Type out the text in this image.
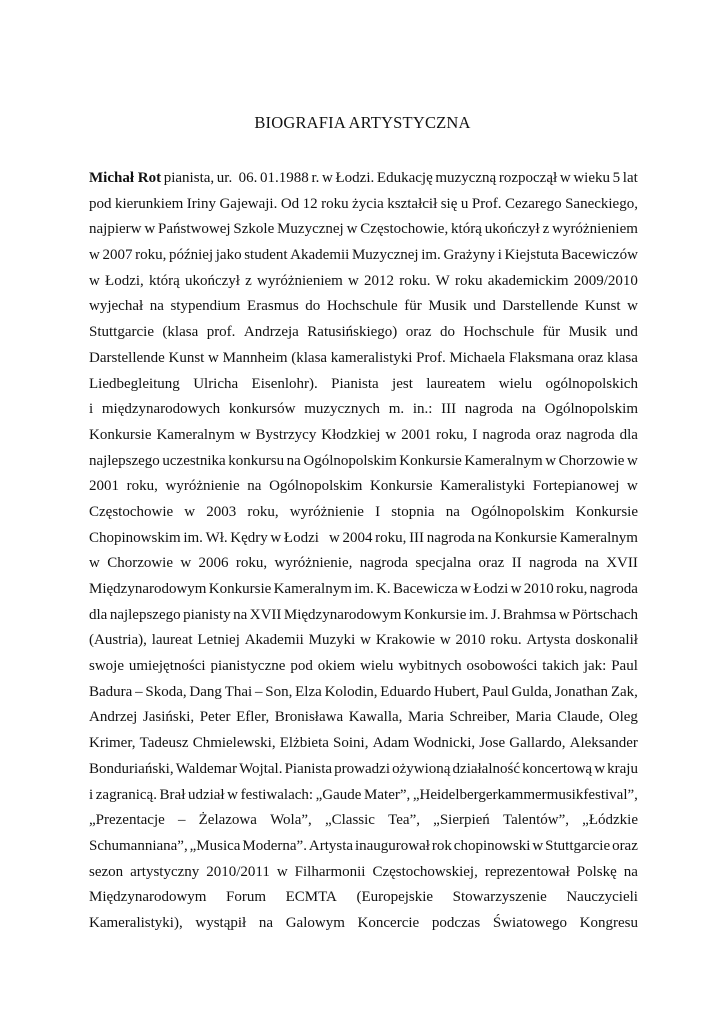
BIOGRAFIA ARTYSTYCZNA
Michał Rot pianista, ur. 06. 01.1988 r. w Łodzi. Edukację muzyczną rozpoczął w wieku 5 lat
pod kierunkiem Iriny Gajewaji. Od 12 roku życia kształcił się u Prof. Cezarego Saneckiego,
najpierw w Państwowej Szkole Muzycznej w Częstochowie, którą ukończył z wyróżnieniem
w 2007 roku, później jako student Akademii Muzycznej im. Grażyny i Kiejstuta Bacewiczów
w Łodzi, którą ukończył z wyróżnieniem w 2012 roku. W roku akademickim 2009/2010
wyjechał na stypendium Erasmus do Hochschule für Musik und Darstellende Kunst w
Stuttgarcie (klasa prof. Andrzeja Ratusińskiego) oraz do Hochschule für Musik und
Darstellende Kunst w Mannheim (klasa kameralistyki Prof. Michaela Flaksmana oraz klasa
Liedbegleitung Ulricha Eisenlohr). Pianista jest laureatem wielu ogólnopolskich
i międzynarodowych konkursów muzycznych m. in.: III nagroda na Ogólnopolskim
Konkursie Kameralnym w Bystrzycy Kłodzkiej w 2001 roku, I nagroda oraz nagroda dla
najlepszego uczestnika konkursu na Ogólnopolskim Konkursie Kameralnym w Chorzowie w
2001 roku, wyróżnienie na Ogólnopolskim Konkursie Kameralistyki Fortepianowej w
Częstochowie w 2003 roku, wyróżnienie I stopnia na Ogólnopolskim Konkursie
Chopinowskim im. Wł. Kędry w Łodzi w 2004 roku, III nagroda na Konkursie Kameralnym
w Chorzowie w 2006 roku, wyróżnienie, nagroda specjalna oraz II nagroda na XVII
Międzynarodowym Konkursie Kameralnym im. K. Bacewicza w Łodzi w 2010 roku, nagroda
dla najlepszego pianisty na XVII Międzynarodowym Konkursie im. J. Brahmsa w Pörtschach
(Austria), laureat Letniej Akademii Muzyki w Krakowie w 2010 roku. Artysta doskonalił
swoje umiejętności pianistyczne pod okiem wielu wybitnych osobowości takich jak: Paul
Badura – Skoda, Dang Thai – Son, Elza Kolodin, Eduardo Hubert, Paul Gulda, Jonathan Zak,
Andrzej Jasiński, Peter Efler, Bronisława Kawalla, Maria Schreiber, Maria Claude, Oleg
Krimer, Tadeusz Chmielewski, Elżbieta Soini, Adam Wodnicki, Jose Gallardo, Aleksander
Bonduriański, Waldemar Wojtal. Pianista prowadzi ożywioną działalność koncertową w kraju
i zagranicą. Brał udział w festiwalach: „Gaude Mater”, „Heidelbergerkammermusikfestival”,
„Prezentacje – Żelazowa Wola”, „Classic Tea”, „Sierpień Talentów”, „Łódzkie
Schumanniana”, „Musica Moderna”. Artysta inaugurował rok chopinowski w Stuttgarcie oraz
sezon artystyczny 2010/2011 w Filharmonii Częstochowskiej, reprezentował Polskę na
Międzynarodowym Forum ECMTA (Europejskie Stowarzyszenie Nauczycieli
Kameralistyki), wystąpił na Galowym Koncercie podczas Światowego Kongresu
